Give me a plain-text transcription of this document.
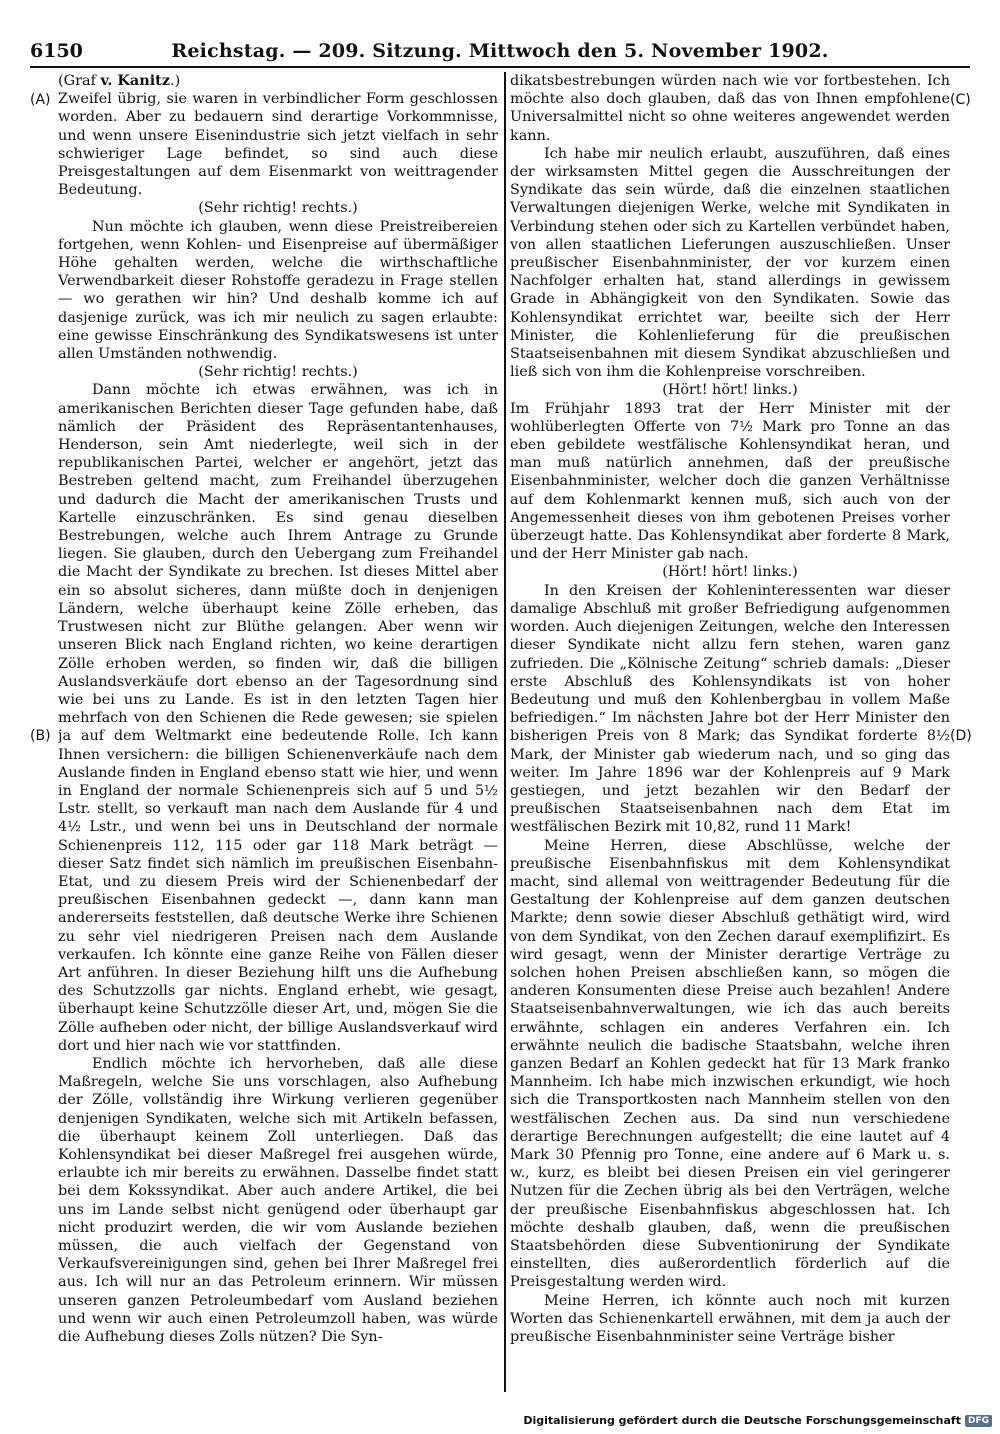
6150	Reichstag. — 209. Sitzung. Mittwoch den 5. November 1902.
(Graf v. Kanitz.)

Zweifel übrig, sie waren in verbindlicher Form geschlossen worden. Aber zu bedauern sind derartige Vorkommnisse, und wenn unsere Eisenindustrie sich jetzt vielfach in sehr schwieriger Lage befindet, so sind auch diese Preisgestaltungen auf dem Eisenmarkt von weittragender Bedeutung.

(Sehr richtig! rechts.)

Nun möchte ich glauben, wenn diese Preistreibereien fortgehen, wenn Kohlen- und Eisenpreise auf übermäßiger Höhe gehalten werden, welche die wirthschaftliche Verwendbarkeit dieser Rohstoffe geradezu in Frage stellen — wo gerathen wir hin? Und deshalb komme ich auf dasjenige zurück, was ich mir neulich zu sagen erlaubte: eine gewisse Einschränkung des Syndikatswesens ist unter allen Umständen nothwendig.

(Sehr richtig! rechts.)

Dann möchte ich etwas erwähnen, was ich in amerikanischen Berichten dieser Tage gefunden habe, daß nämlich der Präsident des Repräsentantenhauses, Henderson, sein Amt niederlegte, weil sich in der republikanischen Partei, welcher er angehört, jetzt das Bestreben geltend macht, zum Freihandel überzugehen und dadurch die Macht der amerikanischen Trusts und Kartelle einzuschränken. Es sind genau dieselben Bestrebungen, welche auch Ihrem Antrage zu Grunde liegen. Sie glauben, durch den Uebergang zum Freihandel die Macht der Syndikate zu brechen. Ist dieses Mittel aber ein so absolut sicheres, dann müßte doch in denjenigen Ländern, welche überhaupt keine Zölle erheben, das Trustwesen nicht zur Blüthe gelangen. Aber wenn wir unseren Blick nach England richten, wo keine derartigen Zölle erhoben werden, so finden wir, daß die billigen Auslandsverkäufe dort ebenso an der Tagesordnung sind wie bei uns zu Lande. Es ist in den letzten Tagen hier mehrfach von den Schienen die Rede gewesen; sie spielen ja auf dem Weltmarkt eine bedeutende Rolle. Ich kann Ihnen versichern: die billigen Schienenverkäufe nach dem Auslande finden in England ebenso statt wie hier, und wenn in England der normale Schienenpreis sich auf 5 und 5½ Lstr. stellt, so verkauft man nach dem Auslande für 4 und 4½ Lstr., und wenn bei uns in Deutschland der normale Schienenpreis 112, 115 oder gar 118 Mark beträgt — dieser Satz findet sich nämlich im preußischen Eisenbahn-Etat, und zu diesem Preis wird der Schienenbedarf der preußischen Eisenbahnen gedeckt —, dann kann man andererseits feststellen, daß deutsche Werke ihre Schienen zu sehr viel niedrigeren Preisen nach dem Auslande verkaufen. Ich könnte eine ganze Reihe von Fällen dieser Art anführen. In dieser Beziehung hilft uns die Aufhebung des Schutzzolls gar nichts. England erhebt, wie gesagt, überhaupt keine Schutzzölle dieser Art, und, mögen Sie die Zölle aufheben oder nicht, der billige Auslandsverkauf wird dort und hier nach wie vor stattfinden.

Endlich möchte ich hervorheben, daß alle diese Maßregeln, welche Sie uns vorschlagen, also Aufhebung der Zölle, vollständig ihre Wirkung verlieren gegenüber denjenigen Syndikaten, welche sich mit Artikeln befassen, die überhaupt keinem Zoll unterliegen. Daß das Kohlensyndikat bei dieser Maßregel frei ausgehen würde, erlaubte ich mir bereits zu erwähnen. Dasselbe findet statt bei dem Kokssyndikat. Aber auch andere Artikel, die bei uns im Lande selbst nicht genügend oder überhaupt gar nicht produzirt werden, die wir vom Auslande beziehen müssen, die auch vielfach der Gegenstand von Verkaufsvereinigungen sind, gehen bei Ihrer Maßregel frei aus. Ich will nur an das Petroleum erinnern. Wir müssen unseren ganzen Petroleumbedarf vom Ausland beziehen und wenn wir auch einen Petroleumzoll haben, was würde die Aufhebung dieses Zolls nützen? Die Syn-

dikatsbestrebungen würden nach wie vor fortbestehen. Ich möchte also doch glauben, daß das von Ihnen empfohlene Universalmittel nicht so ohne weiteres angewendet werden kann.

Ich habe mir neulich erlaubt, auszuführen, daß eines der wirksamsten Mittel gegen die Ausschreitungen der Syndikate das sein würde, daß die einzelnen staatlichen Verwaltungen diejenigen Werke, welche mit Syndikaten in Verbindung stehen oder sich zu Kartellen verbündet haben, von allen staatlichen Lieferungen auszuschließen. Unser preußischer Eisenbahnminister, der vor kurzem einen Nachfolger erhalten hat, stand allerdings in gewissem Grade in Abhängigkeit von den Syndikaten. Sowie das Kohlensyndikat errichtet war, beeilte sich der Herr Minister, die Kohlenlieferung für die preußischen Staatseisenbahnen mit diesem Syndikat abzuschließen und ließ sich von ihm die Kohlenpreise vorschreiben.

(Hört! hört! links.)

Im Frühjahr 1893 trat der Herr Minister mit der wohlüberlegten Offerte von 7½ Mark pro Tonne an das eben gebildete westfälische Kohlensyndikat heran, und man muß natürlich annehmen, daß der preußische Eisenbahnminister, welcher doch die ganzen Verhältnisse auf dem Kohlenmarkt kennen muß, sich auch von der Angemessenheit dieses von ihm gebotenen Preises vorher überzeugt hatte. Das Kohlensyndikat aber forderte 8 Mark, und der Herr Minister gab nach.

(Hört! hört! links.)

In den Kreisen der Kohleninteressenten war dieser damalige Abschluß mit großer Befriedigung aufgenommen worden. Auch diejenigen Zeitungen, welche den Interessen dieser Syndikate nicht allzu fern stehen, waren ganz zufrieden. Die „Kölnische Zeitung“ schrieb damals: „Dieser erste Abschluß des Kohlensyndikats ist von hoher Bedeutung und muß den Kohlenbergbau in vollem Maße befriedigen.“ Im nächsten Jahre bot der Herr Minister den bisherigen Preis von 8 Mark; das Syndikat forderte 8½ Mark, der Minister gab wiederum nach, und so ging das weiter. Im Jahre 1896 war der Kohlenpreis auf 9 Mark gestiegen, und jetzt bezahlen wir den Bedarf der preußischen Staatseisenbahnen nach dem Etat im westfälischen Bezirk mit 10,82, rund 11 Mark!

Meine Herren, diese Abschlüsse, welche der preußische Eisenbahnfiskus mit dem Kohlensyndikat macht, sind allemal von weittragender Bedeutung für die Gestaltung der Kohlenpreise auf dem ganzen deutschen Markte; denn sowie dieser Abschluß gethätigt wird, wird von dem Syndikat, von den Zechen darauf exemplifizirt. Es wird gesagt, wenn der Minister derartige Verträge zu solchen hohen Preisen abschließen kann, so mögen die anderen Konsumenten diese Preise auch bezahlen! Andere Staatseisenbahnverwaltungen, wie ich das auch bereits erwähnte, schlagen ein anderes Verfahren ein. Ich erwähnte neulich die badische Staatsbahn, welche ihren ganzen Bedarf an Kohlen gedeckt hat für 13 Mark franko Mannheim. Ich habe mich inzwischen erkundigt, wie hoch sich die Transportkosten nach Mannheim stellen von den westfälischen Zechen aus. Da sind nun verschiedene derartige Berechnungen aufgestellt; die eine lautet auf 4 Mark 30 Pfennig pro Tonne, eine andere auf 6 Mark u. s. w., kurz, es bleibt bei diesen Preisen ein viel geringerer Nutzen für die Zechen übrig als bei den Verträgen, welche der preußische Eisenbahnfiskus abgeschlossen hat. Ich möchte deshalb glauben, daß, wenn die preußischen Staatsbehörden diese Subventionirung der Syndikate einstellten, dies außerordentlich förderlich auf die Preisgestaltung werden wird.

Meine Herren, ich könnte auch noch mit kurzen Worten das Schienenkartell erwähnen, mit dem ja auch der preußische Eisenbahnminister seine Verträge bisher

(A)
(B)
(C)
(D)
Digitalisierung gefördert durch die Deutsche Forschungsgemeinschaft DFG
